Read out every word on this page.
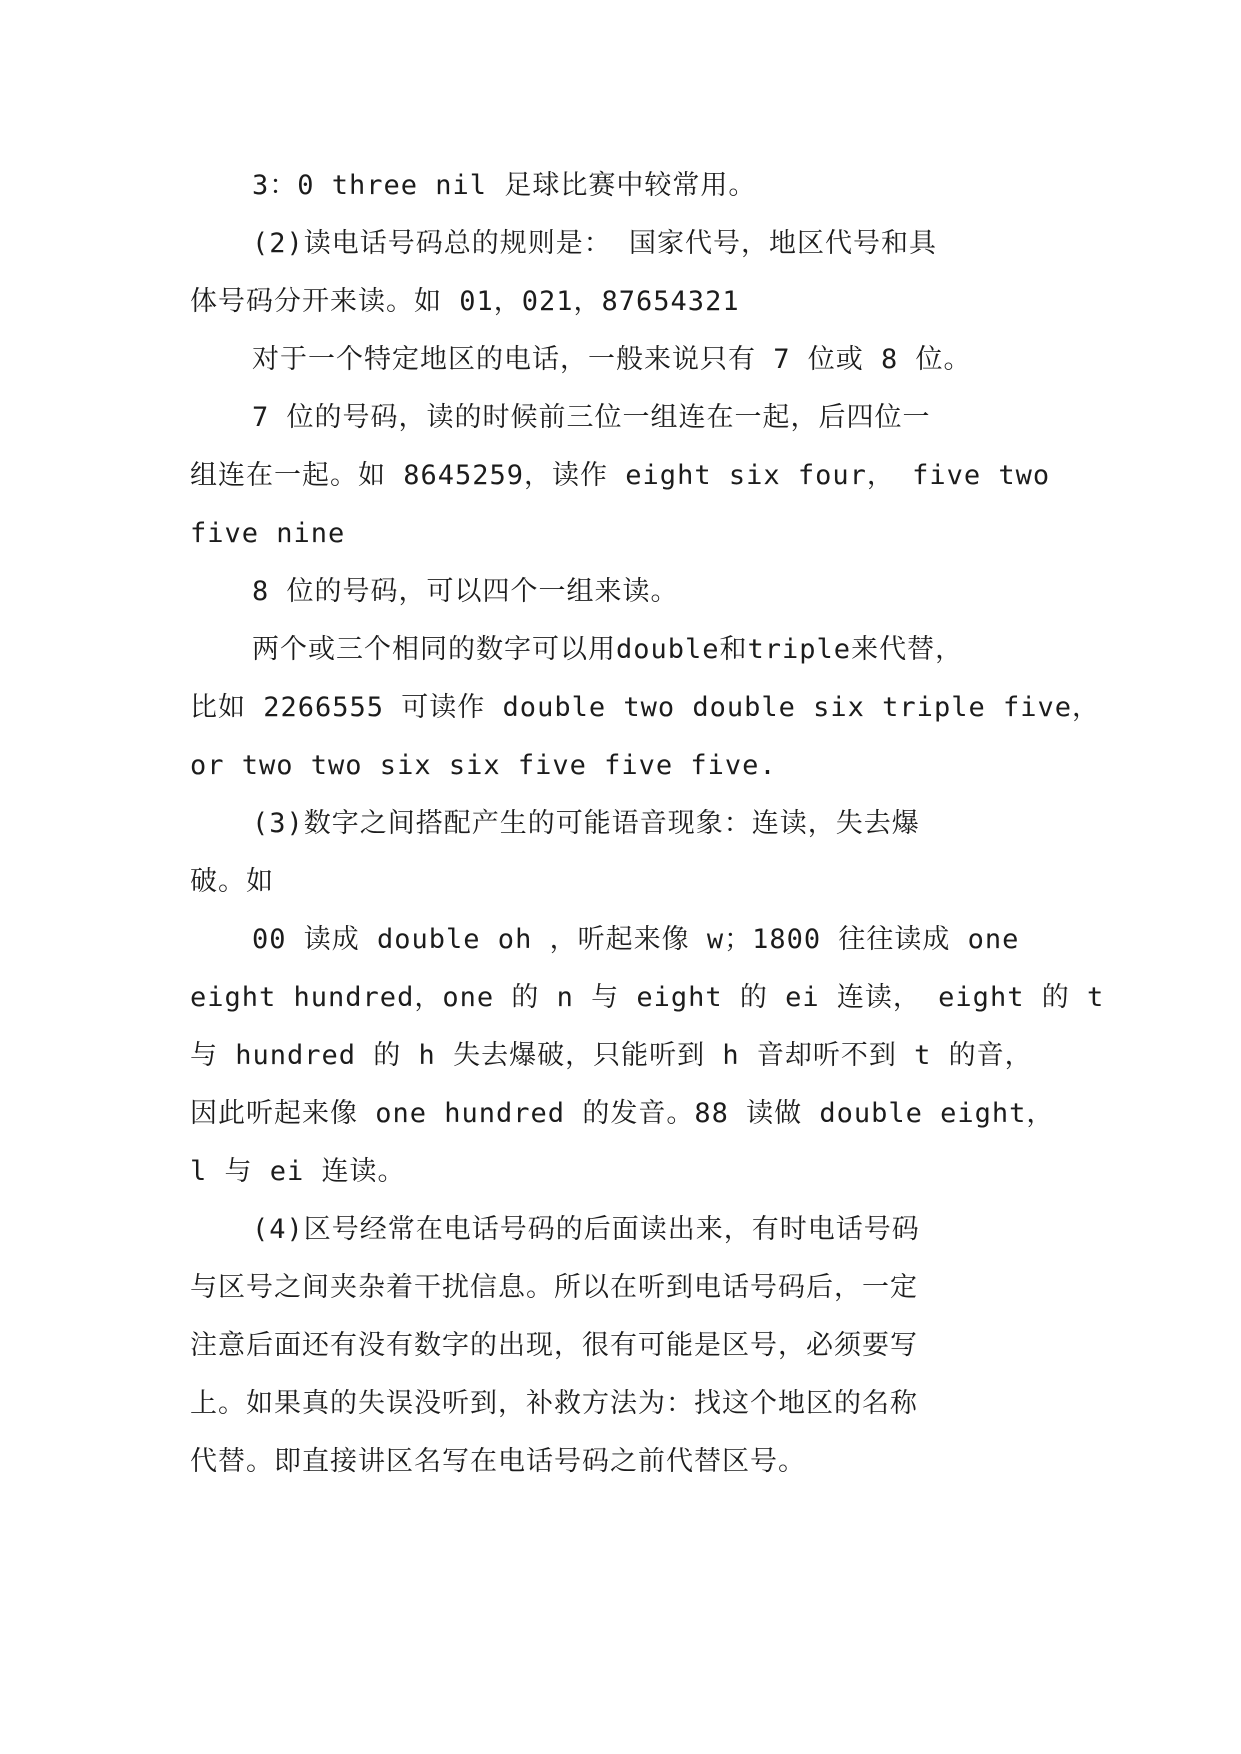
3：0 three nil 足球比赛中较常用。
(2)读电话号码总的规则是： 国家代号，地区代号和具
体号码分开来读。如 01，021，87654321
对于一个特定地区的电话，一般来说只有 7 位或 8 位。
7 位的号码，读的时候前三位一组连在一起，后四位一
组连在一起。如 8645259，读作 eight six four， five two
five nine
8 位的号码，可以四个一组来读。
两个或三个相同的数字可以用double和triple来代替，
比如 2266555 可读作 double two double six triple five，
or two two six six five five five.
(3)数字之间搭配产生的可能语音现象：连读，失去爆
破。如
00 读成 double oh ，听起来像 w；1800 往往读成 one
eight hundred，one 的 n 与 eight 的 ei 连读， eight 的 t
与 hundred 的 h 失去爆破，只能听到 h 音却听不到 t 的音，
因此听起来像 one hundred 的发音。88 读做 double eight，
l 与 ei 连读。
(4)区号经常在电话号码的后面读出来，有时电话号码
与区号之间夹杂着干扰信息。所以在听到电话号码后，一定
注意后面还有没有数字的出现，很有可能是区号，必须要写
上。如果真的失误没听到，补救方法为：找这个地区的名称
代替。即直接讲区名写在电话号码之前代替区号。
